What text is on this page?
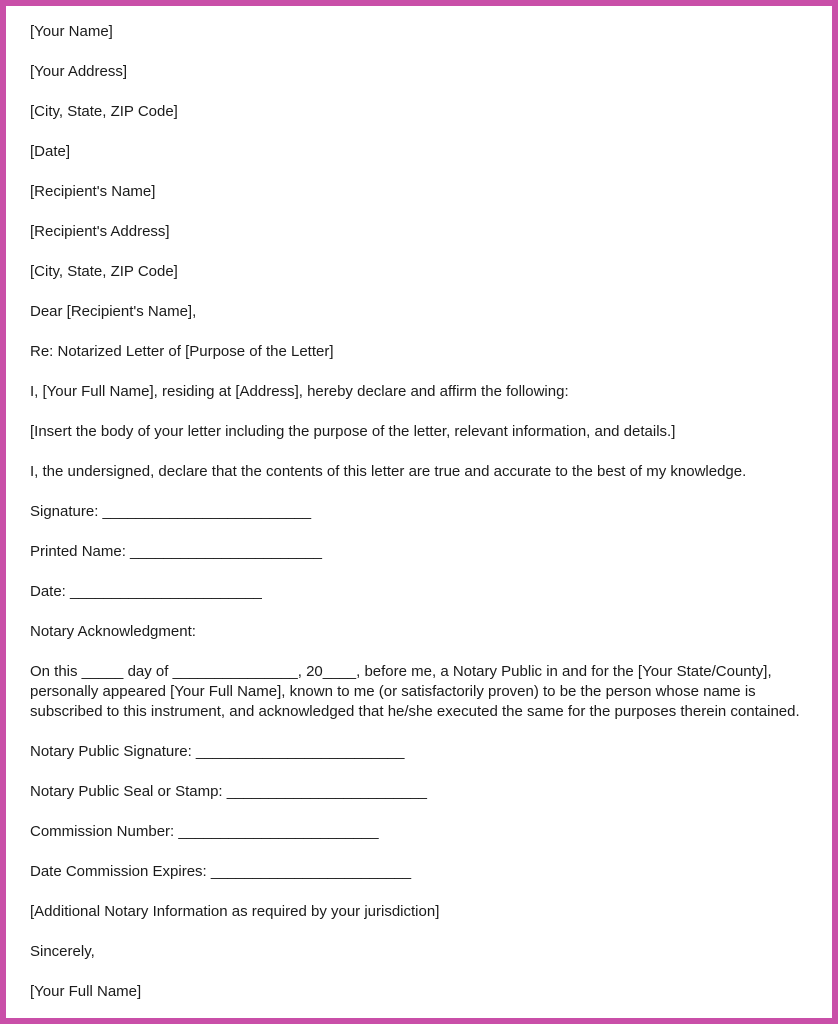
[Your Name]

[Your Address]

[City, State, ZIP Code]

[Date]

[Recipient's Name]

[Recipient's Address]

[City, State, ZIP Code]

Dear [Recipient's Name],

Re: Notarized Letter of [Purpose of the Letter]

I, [Your Full Name], residing at [Address], hereby declare and affirm the following:

[Insert the body of your letter including the purpose of the letter, relevant information, and details.]

I, the undersigned, declare that the contents of this letter are true and accurate to the best of my knowledge.

Signature: _________________________

Printed Name: _______________________

Date: _______________________

Notary Acknowledgment:

On this _____ day of _______________, 20____, before me, a Notary Public in and for the [Your State/County], personally appeared [Your Full Name], known to me (or satisfactorily proven) to be the person whose name is subscribed to this instrument, and acknowledged that he/she executed the same for the purposes therein contained.

Notary Public Signature: _________________________

Notary Public Seal or Stamp: ________________________

Commission Number: ________________________

Date Commission Expires: ________________________

[Additional Notary Information as required by your jurisdiction]

Sincerely,

[Your Full Name]
